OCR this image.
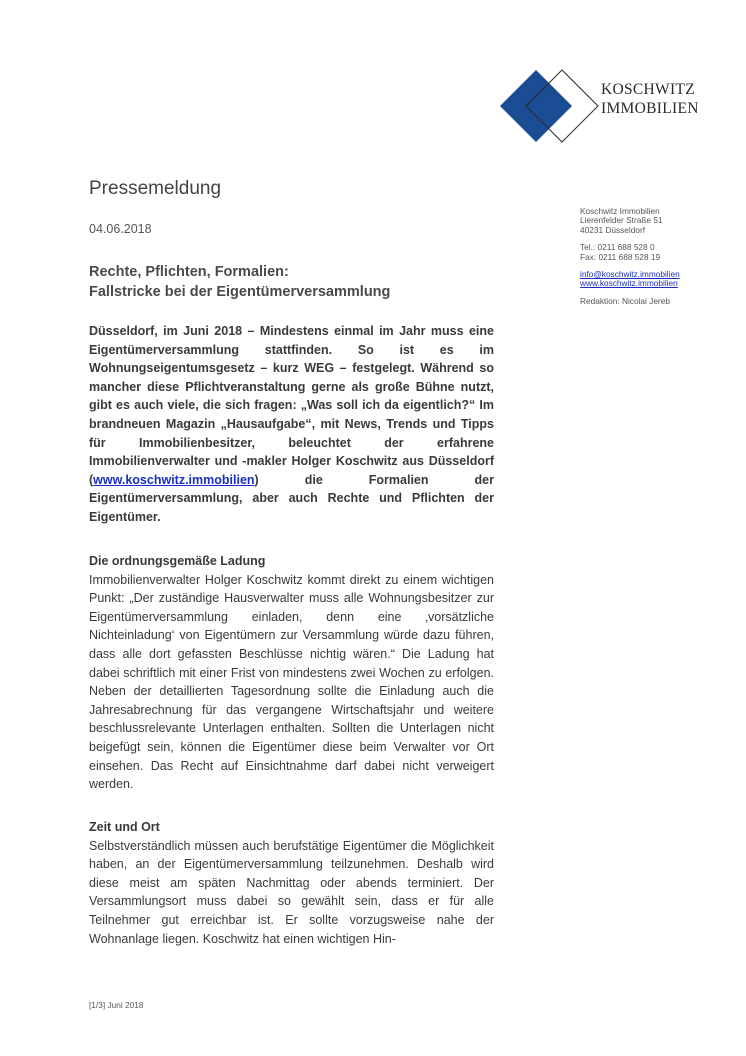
KOSCHWITZ
IMMOBILIEN
Pressemeldung
04.06.2018
Rechte, Pflichten, Formalien:
Fallstricke bei der Eigentümerversammlung
Düsseldorf, im Juni 2018 – Mindestens einmal im Jahr muss eine Eigentümerversammlung stattfinden. So ist es im Wohnungseigentumsgesetz – kurz WEG – festgelegt. Während so mancher diese Pflichtveranstaltung gerne als große Bühne nutzt, gibt es auch viele, die sich fragen: „Was soll ich da eigentlich?“ Im brandneuen Magazin „Hausaufgabe“, mit News, Trends und Tipps für Immobilienbesitzer, beleuchtet der erfahrene Immobilienverwalter und -makler Holger Koschwitz aus Düsseldorf (www.koschwitz.immobilien) die Formalien der Eigentümerversammlung, aber auch Rechte und Pflichten der Eigentümer.
Die ordnungsgemäße Ladung

Immobilienverwalter Holger Koschwitz kommt direkt zu einem wichtigen Punkt: „Der zuständige Hausverwalter muss alle Wohnungsbesitzer zur Eigentümerversammlung einladen, denn eine ‚vorsätzliche Nichteinladung‘ von Eigentümern zur Versammlung würde dazu führen, dass alle dort gefassten Beschlüsse nichtig wären.“ Die Ladung hat dabei schriftlich mit einer Frist von mindestens zwei Wochen zu erfolgen. Neben der detaillierten Tagesordnung sollte die Einladung auch die Jahresabrechnung für das vergangene Wirtschaftsjahr und weitere beschlussrelevante Unterlagen enthalten. Sollten die Unterlagen nicht beigefügt sein, können die Eigentümer diese beim Verwalter vor Ort einsehen. Das Recht auf Einsichtnahme darf dabei nicht verweigert werden.

Zeit und Ort

Selbstverständlich müssen auch berufstätige Eigentümer die Möglichkeit haben, an der Eigentümerversammlung teilzunehmen. Deshalb wird diese meist am späten Nachmittag oder abends terminiert. Der Versammlungsort muss dabei so gewählt sein, dass er für alle Teilnehmer gut erreichbar ist. Er sollte vorzugsweise nahe der Wohnanlage liegen. Koschwitz hat einen wichtigen Hin-

Koschwitz Immobilien
Lierenfelder Straße 51
40231 Düsseldorf
Tel.: 0211 688 528 0
Fax: 0211 688 528 19
info@koschwitz.immobilien
www.koschwitz.immobilien
Redaktion: Nicolai Jereb
[1/3] Juni 2018
